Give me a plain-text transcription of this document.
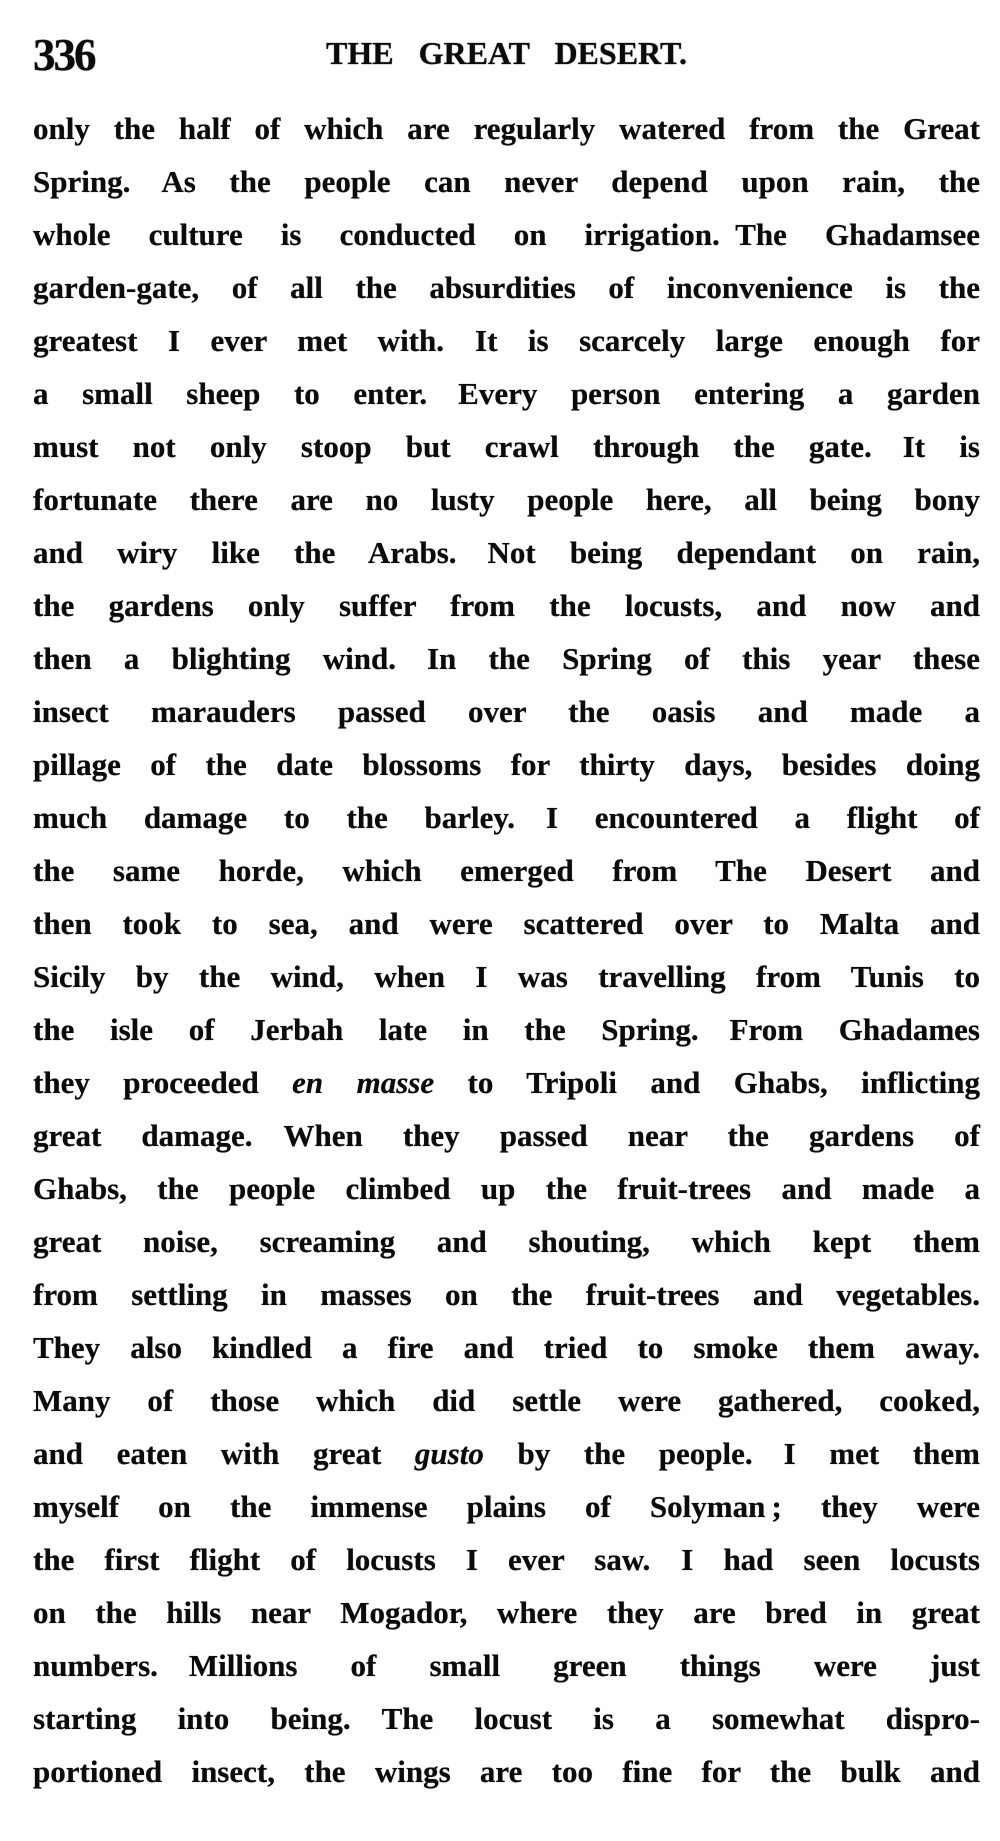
336	THE GREAT DESERT.
only the half of which are regularly watered from the Great
Spring. As the people can never depend upon rain, the
whole culture is conducted on irrigation. The Ghadamsee
garden-gate, of all the absurdities of inconvenience is the
greatest I ever met with. It is scarcely large enough for
a small sheep to enter. Every person entering a garden
must not only stoop but crawl through the gate. It is
fortunate there are no lusty people here, all being bony
and wiry like the Arabs. Not being dependant on rain,
the gardens only suffer from the locusts, and now and
then a blighting wind. In the Spring of this year these
insect marauders passed over the oasis and made a
pillage of the date blossoms for thirty days, besides doing
much damage to the barley. I encountered a flight of
the same horde, which emerged from The Desert and
then took to sea, and were scattered over to Malta and
Sicily by the wind, when I was travelling from Tunis to
the isle of Jerbah late in the Spring. From Ghadames
they proceeded en masse to Tripoli and Ghabs, inflicting
great damage. When they passed near the gardens of
Ghabs, the people climbed up the fruit-trees and made a
great noise, screaming and shouting, which kept them
from settling in masses on the fruit-trees and vegetables.
They also kindled a fire and tried to smoke them away.
Many of those which did settle were gathered, cooked,
and eaten with great gusto by the people. I met them
myself on the immense plains of Solyman ; they were
the first flight of locusts I ever saw. I had seen locusts
on the hills near Mogador, where they are bred in great
numbers. Millions of small green things were just
starting into being. The locust is a somewhat dispro-
portioned insect, the wings are too fine for the bulk and
